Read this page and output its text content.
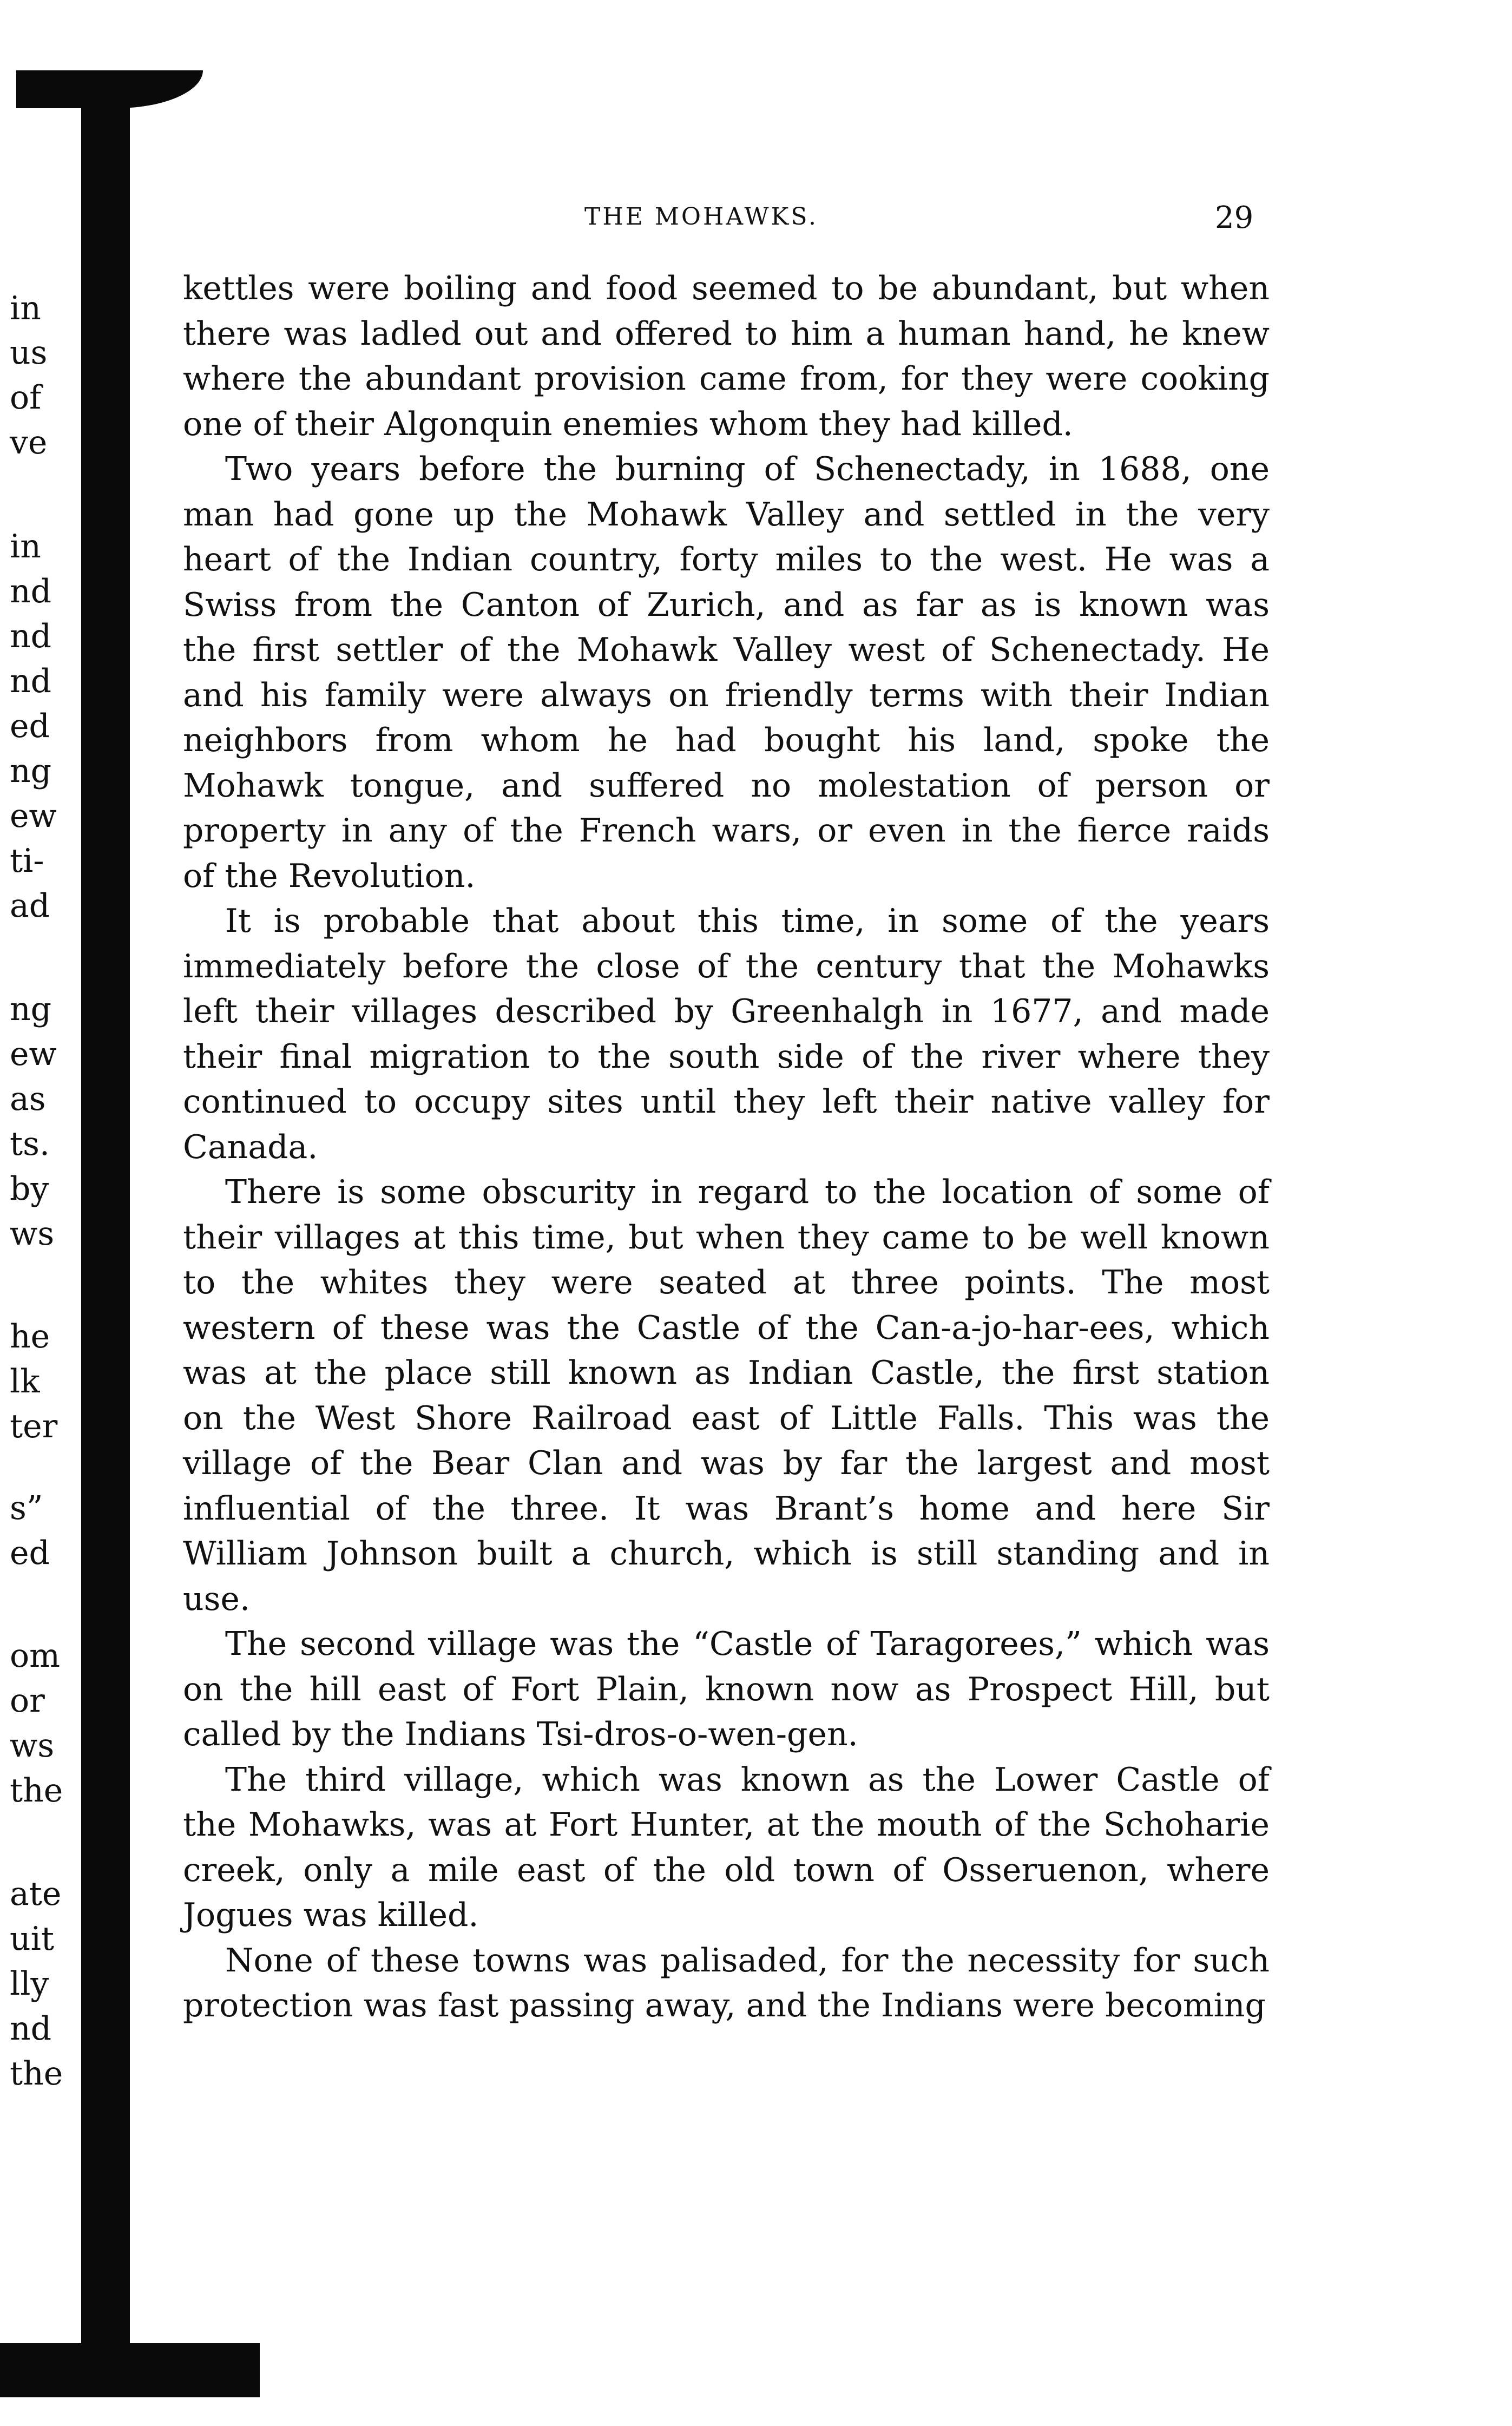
in
us
of
ve
in
nd
nd
nd
ed
ng
ew
ti-
ad
ng
ew
as
ts.
by
ws
he
lk
ter
s”
ed
om
or
ws
the
ate
uit
lly
nd
the
THE MOHAWKS.	29

kettles were boiling and food seemed to be abundant, but when
there was ladled out and offered to him a human hand, he knew
where the abundant provision came from, for they were cooking
one of their Algonquin enemies whom they had killed.

Two years before the burning of Schenectady, in 1688, one
man had gone up the Mohawk Valley and settled in the very
heart of the Indian country, forty miles to the west. He was a
Swiss from the Canton of Zurich, and as far as is known was
the first settler of the Mohawk Valley west of Schenectady. He
and his family were always on friendly terms with their Indian
neighbors from whom he had bought his land, spoke the
Mohawk tongue, and suffered no molestation of person or
property in any of the French wars, or even in the fierce raids
of the Revolution.

It is probable that about this time, in some of the years
immediately before the close of the century that the Mohawks
left their villages described by Greenhalgh in 1677, and made
their final migration to the south side of the river where they
continued to occupy sites until they left their native valley for
Canada.

There is some obscurity in regard to the location of some of
their villages at this time, but when they came to be well known
to the whites they were seated at three points. The most
western of these was the Castle of the Can-a-jo-har-ees, which
was at the place still known as Indian Castle, the first station
on the West Shore Railroad east of Little Falls. This was the
village of the Bear Clan and was by far the largest and most
influential of the three. It was Brant’s home and here Sir
William Johnson built a church, which is still standing and in
use.

The second village was the “Castle of Taragorees,” which was
on the hill east of Fort Plain, known now as Prospect Hill, but
called by the Indians Tsi-dros-o-wen-gen.

The third village, which was known as the Lower Castle of
the Mohawks, was at Fort Hunter, at the mouth of the Schoharie
creek, only a mile east of the old town of Osseruenon, where
Jogues was killed.

None of these towns was palisaded, for the necessity for such
protection was fast passing away, and the Indians were becoming
